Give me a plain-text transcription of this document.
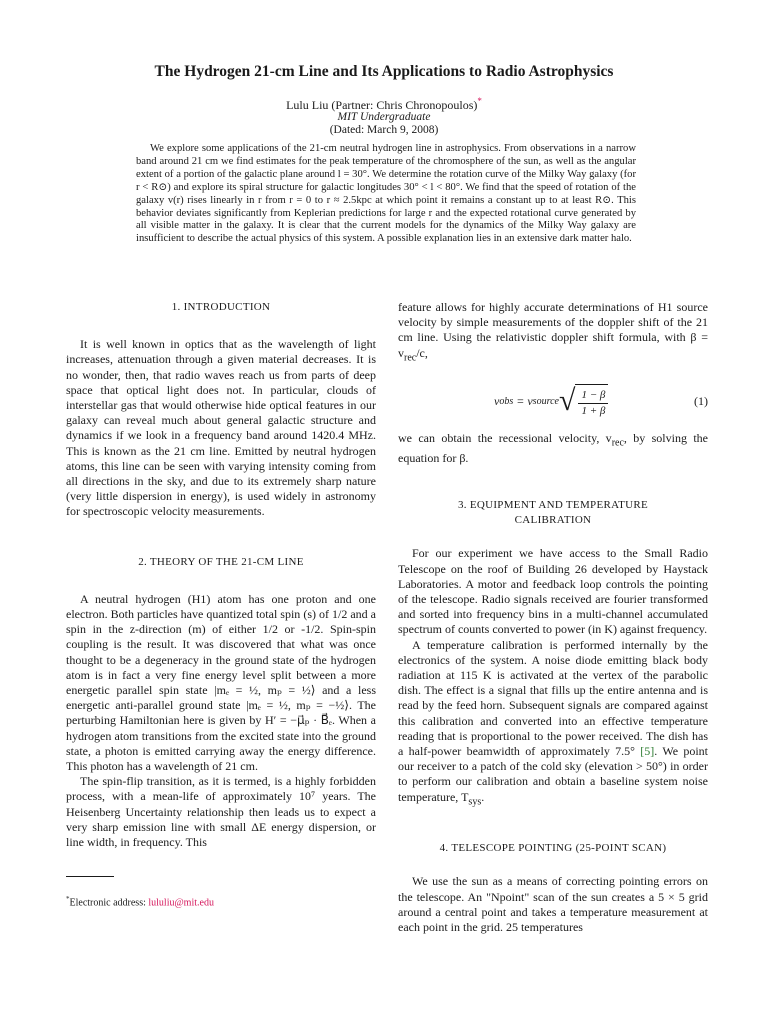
The Hydrogen 21-cm Line and Its Applications to Radio Astrophysics
Lulu Liu (Partner: Chris Chronopoulos)*
MIT Undergraduate
(Dated: March 9, 2008)

We explore some applications of the 21-cm neutral hydrogen line in astrophysics. From observations in a narrow band around 21 cm we find estimates for the peak temperature of the chromosphere of the sun, as well as the angular extent of a portion of the galactic plane around l = 30°. We determine the rotation curve of the Milky Way galaxy (for r < R⊙) and explore its spiral structure for galactic longitudes 30° < l < 80°. We find that the speed of rotation of the galaxy v(r) rises linearly in r from r = 0 to r ≈ 2.5kpc at which point it remains a constant up to at least R⊙. This behavior deviates significantly from Keplerian predictions for large r and the expected rotational curve generated by all visible matter in the galaxy. It is clear that the current models for the dynamics of the Milky Way galaxy are insufficient to describe the actual physics of this system. A possible explanation lies in an extensive dark matter halo.

1. INTRODUCTION

It is well known in optics that as the wavelength of light increases, attenuation through a given material decreases. It is no wonder, then, that radio waves reach us from parts of deep space that optical light does not. In particular, clouds of interstellar gas that would otherwise hide optical features in our galaxy can reveal much about general galactic structure and dynamics if we look in a frequency band around 1420.4 MHz. This is known as the 21 cm line. Emitted by neutral hydrogen atoms, this line can be seen with varying intensity coming from all directions in the sky, and due to its extremely sharp nature (very little dispersion in energy), is used widely in astronomy for spectroscopic velocity measurements.

2. THEORY OF THE 21-CM LINE

A neutral hydrogen (H1) atom has one proton and one electron. Both particles have quantized total spin (s) of 1/2 and a spin in the z-direction (m) of either 1/2 or -1/2. Spin-spin coupling is the result. It was discovered that what was once thought to be a degeneracy in the ground state of the hydrogen atom is in fact a very fine energy level split between a more energetic parallel spin state |mₑ = ½, mₚ = ½⟩ and a less energetic anti-parallel ground state |mₑ = ½, mₚ = −½⟩. The perturbing Hamiltonian here is given by H′ = −μ⃗ₚ · B⃗ₑ. When a hydrogen atom transitions from the excited state into the ground state, a photon is emitted carrying away the energy difference. This photon has a wavelength of 21 cm.

The spin-flip transition, as it is termed, is a highly forbidden process, with a mean-life of approximately 10⁷ years. The Heisenberg Uncertainty relationship then leads us to expect a very sharp emission line with small ΔE energy dispersion, or line width, in frequency. This

feature allows for highly accurate determinations of H1 source velocity by simple measurements of the doppler shift of the 21 cm line. Using the relativistic doppler shift formula, with $\beta = v_{rec}/c$,

ν obs = ν source √ $\frac{1 - \beta}{1 + \beta}$	(1)

we can obtain the recessional velocity, $v_{rec}$, by solving the equation for β.

3. EQUIPMENT AND TEMPERATURE CALIBRATION

For our experiment we have access to the Small Radio Telescope on the roof of Building 26 developed by Haystack Laboratories. A motor and feedback loop controls the pointing of the telescope. Radio signals received are fourier transformed and sorted into frequency bins in a multi-channel accumulated spectrum of counts converted to power (in K) against frequency.

A temperature calibration is performed internally by the electronics of the system. A noise diode emitting black body radiation at 115 K is activated at the vertex of the parabolic dish. The effect is a signal that fills up the entire antenna and is read by the feed horn. Subsequent signals are compared against this calibration and converted into an effective temperature reading that is proportional to the power received. The dish has a half-power beamwidth of approximately 7.5° [5]. We point our receiver to a patch of the cold sky (elevation > 50°) in order to perform our calibration and obtain a baseline system noise temperature, $T_{sys}$.

4. TELESCOPE POINTING (25-POINT SCAN)

We use the sun as a means of correcting pointing errors on the telescope. An "Npoint" scan of the sun creates a 5 × 5 grid around a central point and takes a temperature measurement at each point in the grid. 25 temperatures

*Electronic address: lululiu@mit.edu
